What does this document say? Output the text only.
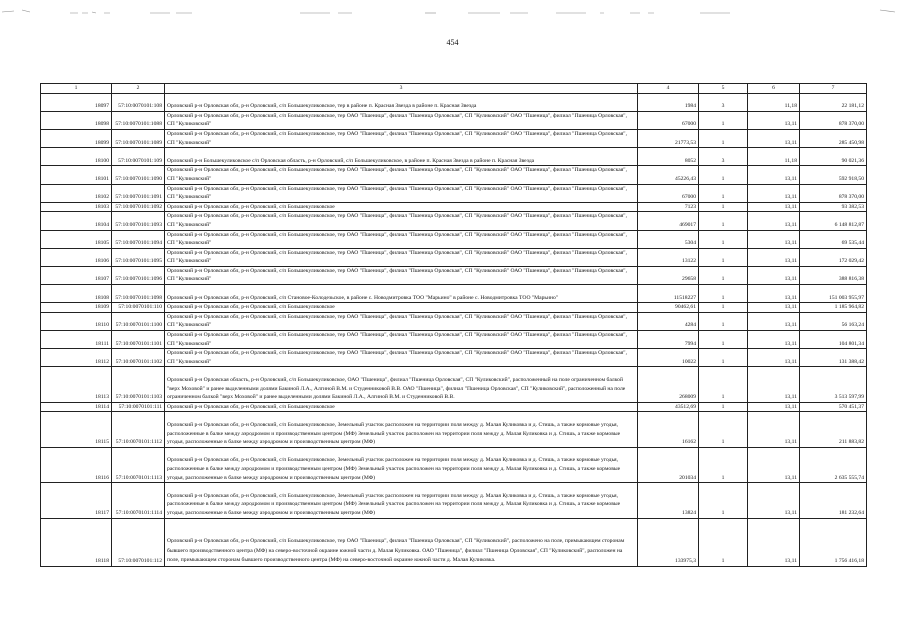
454
1	2	3	4	5	6	7
18097	57:10:0070101:108	Орловский р-н Орловская обл, р-н Орловский, с/п Большекуликовское, тер в районе п. Красная Звезда в районе п. Красная Звезда	1984	3	11,18	22 181,12
18098	57:10:0070101:1088	Орловский р-н Орловская обл, р-н Орловский, с/п Большекуликовское, тер ОАО "Пшеница", филиал "Пшеница Орловская", СП "Куликовский" ОАО "Пшеница", филиал "Пшеница Орловская", СП "Куликовский"	67000	1	13,11	878 370,00
18099	57:10:0070101:1089	Орловский р-н Орловская обл, р-н Орловский, с/п Большекуликовское, тер ОАО "Пшеница", филиал "Пшеница Орловская", СП "Куликовский" ОАО "Пшеница", филиал "Пшеница Орловская", СП "Куликовский"	21773,53	1	13,11	285 450,98
18100	57:10:0070101:109	Орловский р-н Большекуликовское с/п Орловская область, р-н Орловский, с/п Большекуликовское, в районе п. Красная Звезда в районе п. Красная Звезда	8052	3	11,18	90 021,36
18101	57:10:0070101:1090	Орловский р-н Орловская обл, р-н Орловский, с/п Большекуликовское, тер ОАО "Пшеница", филиал "Пшеница Орловская", СП "Куликовский" ОАО "Пшеница", филиал "Пшеница Орловская", СП "Куликовский"	45226,43	1	13,11	592 918,50
18102	57:10:0070101:1091	Орловский р-н Орловская обл, р-н Орловский, с/п Большекуликовское, тер ОАО "Пшеница", филиал "Пшеница Орловская", СП "Куликовский" ОАО "Пшеница", филиал "Пшеница Орловская", СП "Куликовский"	67000	1	13,11	878 370,00
18103	57:10:0070101:1092	Орловский р-н Орловская обл, р-н Орловский, с/п Большекуликовское	7123	1	13,11	93 382,53
18104	57:10:0070101:1093	Орловский р-н Орловская обл, р-н Орловский, с/п Большекуликовское, тер ОАО "Пшеница", филиал "Пшеница Орловская", СП "Куликовский" ОАО "Пшеница", филиал "Пшеница Орловская", СП "Куликовский"	469017	1	13,11	6 148 812,87
18105	57:10:0070101:1094	Орловский р-н Орловская обл, р-н Орловский, с/п Большекуликовское, тер ОАО "Пшеница", филиал "Пшеница Орловская", СП "Куликовский" ОАО "Пшеница", филиал "Пшеница Орловская", СП "Куликовский"	5304	1	13,11	69 535,44
18106	57:10:0070101:1095	Орловский р-н Орловская обл, р-н Орловский, с/п Большекуликовское, тер ОАО "Пшеница", филиал "Пшеница Орловская", СП "Куликовский" ОАО "Пшеница", филиал "Пшеница Орловская", СП "Куликовский"	13122	1	13,11	172 029,42
18107	57:10:0070101:1096	Орловский р-н Орловская обл, р-н Орловский, с/п Большекуликовское, тер ОАО "Пшеница", филиал "Пшеница Орловская", СП "Куликовский" ОАО "Пшеница", филиал "Пшеница Орловская", СП "Куликовский"	29658	1	13,11	388 816,38
18108	57:10:0070101:1098	Орловский р-н Орловская обл, р-н Орловский, с/п Становое-Колодезьское, в районе с. Новодмитровка ТОО "Марьино" в районе с. Новодмитровка ТОО "Марьино"	11518227	1	13,11	151 003 955,97
18109	57:10:0070101:110	Орловский р-н Орловская обл, р-н Орловский, с/п Большекуликовское	90462,61	1	13,11	1 185 964,82
18110	57:10:0070101:1100	Орловский р-н Орловская обл, р-н Орловский, с/п Большекуликовское, тер ОАО "Пшеница", филиал "Пшеница Орловская", СП "Куликовский" ОАО "Пшеница", филиал "Пшеница Орловская", СП "Куликовский"	4284	1	13,11	56 163,24
18111	57:10:0070101:1101	Орловский р-н Орловская обл, р-н Орловский, с/п Большекуликовское, тер ОАО "Пшеница", филиал "Пшеница Орловская", СП "Куликовский" ОАО "Пшеница", филиал "Пшеница Орловская", СП "Куликовский"	7994	1	13,11	104 801,34
18112	57:10:0070101:1102	Орловский р-н Орловская обл, р-н Орловский, с/п Большекуликовское, тер ОАО "Пшеница", филиал "Пшеница Орловская", СП "Куликовский" ОАО "Пшеница", филиал "Пшеница Орловская", СП "Куликовский"	10022	1	13,11	131 388,42
18113	57:10:0070101:1103	Орловский р-н Орловская область, р-н Орловский, с/п Большекуликовское, ОАО "Пшеница", филиал "Пшеница Орловская", СП "Куликовский", расположенный на поле ограниченном балкой "верх Моховой" и ранее выделенными долями Бакиной Л.А., Алгиной В.М. и Студенниковой В.В. ОАО "Пшеница", филиал "Пшеница Орловская", СП "Куликовский", расположенный на поле ограниченном балкой "верх Моховой" и ранее выделенными долями Бакиной Л.А., Алгиной В.М. и Студенниковой В.В.	268009	1	13,11	3 513 597,99
18114	57:10:0070101:111	Орловский р-н Орловская обл, р-н Орловский, с/п Большекуликовское	43512,69	1	13,11	570 451,37
18115	57:10:0070101:1112	Орловский р-н Орловская обл, р-н Орловский, с/п Большекуликовское, Земельный участок расположен на территории поля между д. Малая Куликовка и д. Стишь, а также кормовые угодья, расположенные в балке между аэродромом и производственным центром (МФ) Земельный участок расположен на территории поля между д. Малая Куликовка и д. Стишь, а также кормовые угодья, расположенные в балке между аэродромом и производственным центром (МФ)	16162	1	13,11	211 883,82
18116	57:10:0070101:1113	Орловский р-н Орловская обл, р-н Орловский, с/п Большекуликовское, Земельный участок расположен на территории поля между д. Малая Куликовка и д. Стишь, а также кормовые угодья, расположенные в балке между аэродромом и производственным центром (МФ) Земельный участок расположен на территории поля между д. Малая Куликовка и д. Стишь, а также кормовые угодья, расположенные в балке между аэродромом и производственным центром (МФ)	201034	1	13,11	2 635 555,74
18117	57:10:0070101:1114	Орловский р-н Орловская обл, р-н Орловский, с/п Большекуликовское, Земельный участок расположен на территории поля между д. Малая Куликовка и д. Стишь, а также кормовые угодья, расположенные в балке между аэродромом и производственным центром (МФ) Земельный участок расположен на территории поля между д. Малая Куликовка и д. Стишь, а также кормовые угодья, расположенные в балке между аэродромом и производственным центром (МФ)	13824	1	13,11	181 232,64
18118	57:10:0070101:112	Орловский р-н Орловская обл, р-н Орловский, с/п Большекуликовское, тер ОАО "Пшеница", филиал "Пшеница Орловская", СП "Куликовский", расположено на поле, примыкающем сторонам бывшего производственного центра (МФ) на северо-восточной окраине южной части д. Малая Куликовка. ОАО "Пшеница", филиал "Пшеница Орловская", СП "Куликовский", расположен на поле, примыкающем сторонам бывшего производственного центра (МФ) на северо-восточной окраине южной части д. Малая Куликовка.	133975,3	1	13,11	1 756 416,18
